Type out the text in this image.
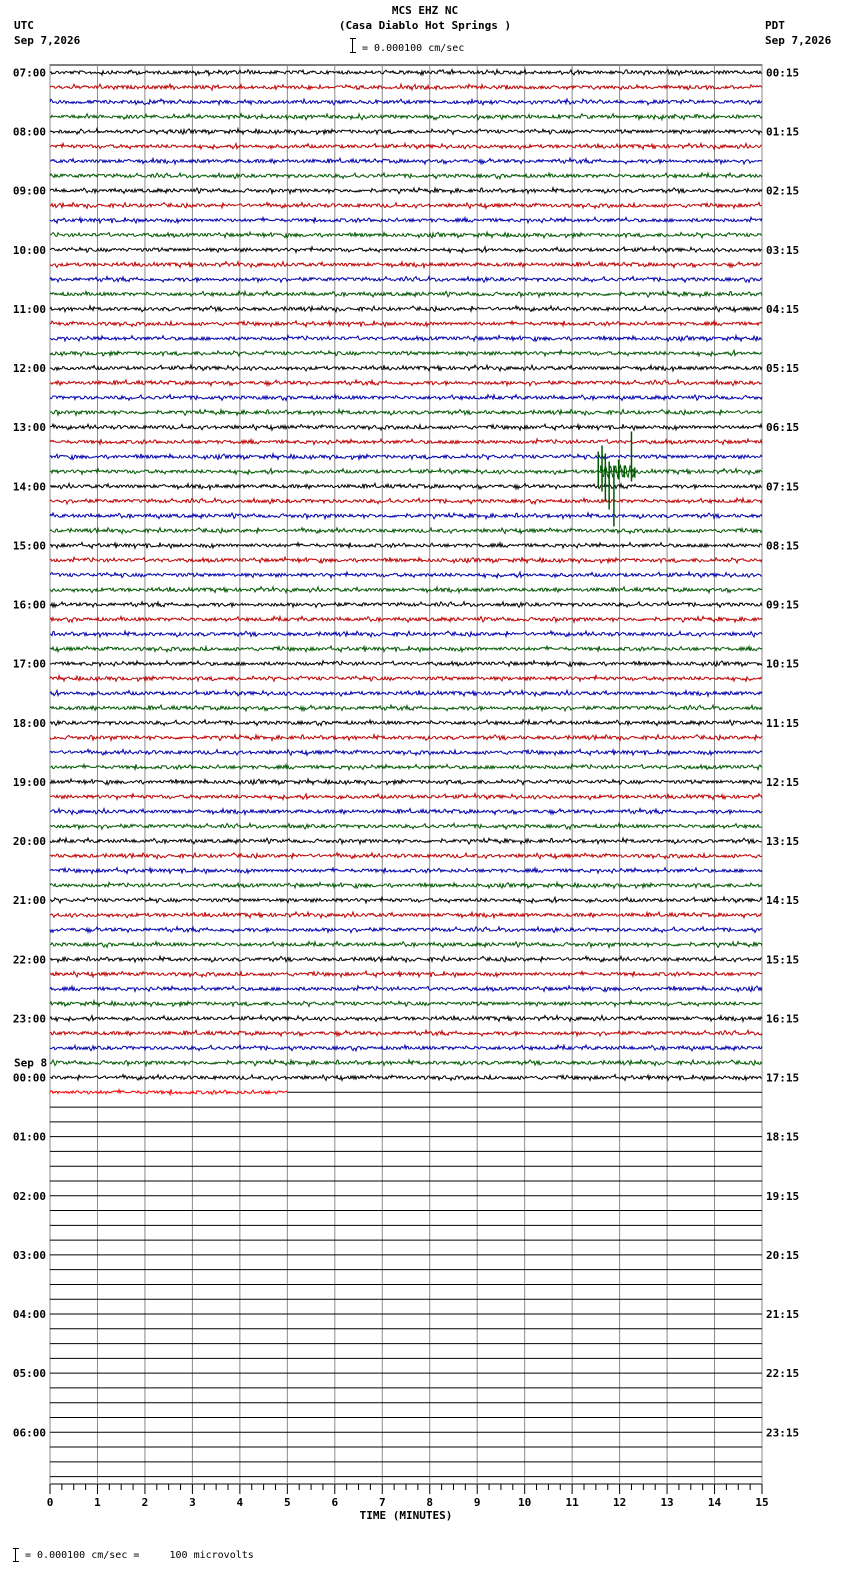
MCS EHZ NC
(Casa Diablo Hot Springs )
UTC
Sep 7,2026
PDT
Sep 7,2026
= 0.000100 cm/sec
07:00
08:00
09:00
10:00
11:00
12:00
13:00
14:00
15:00
16:00
17:00
18:00
19:00
20:00
21:00
22:00
23:00
00:00
01:00
02:00
03:00
04:00
05:00
06:00
00:15
01:15
02:15
03:15
04:15
05:15
06:15
07:15
08:15
09:15
10:15
11:15
12:15
13:15
14:15
15:15
16:15
17:15
18:15
19:15
20:15
21:15
22:15
23:15
Sep 8
0	1	2	3	4	5	6	7	8	9	10	11	12	13	14	15
TIME (MINUTES)
= 0.000100 cm/sec =     100 microvolts
